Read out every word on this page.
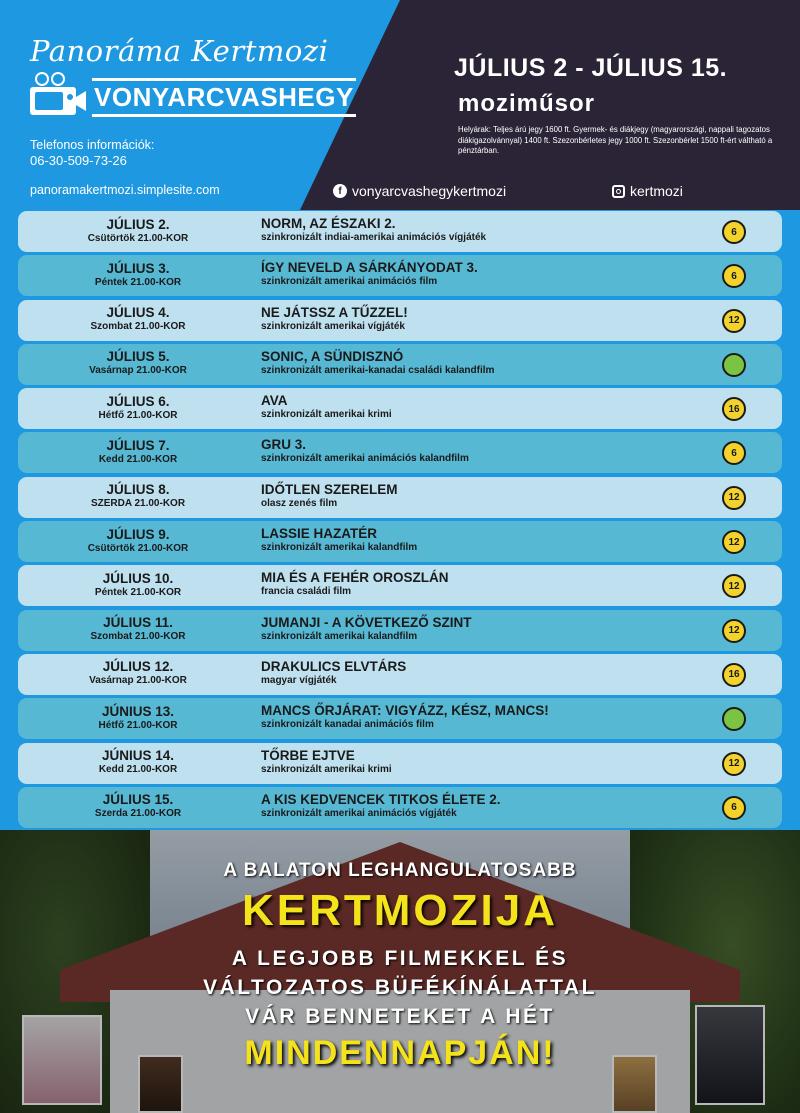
Panoráma Kertmozi
VONYARCVASHEGY
Telefonos információk:
06-30-509-73-26
panoramakertmozi.simplesite.com
JÚLIUS 2 - JÚLIUS 15.
moziműsor
Helyárak: Teljes árú jegy 1600 ft. Gyermek- és diákjegy (magyarországi, nappali tagozatos diákigazolvánnyal) 1400 ft. Szezonbérletes jegy 1000 ft. Szezonbérlet 1500 ft-ért váltható a pénztárban.
f vonyarcvashegykertmozi	kertmozi
JÚLIUS 2.
Csütörtök 21.00-KOR
NORM, AZ ÉSZAKI 2.
szinkronizált indiai-amerikai animációs vígjáték	6
JÚLIUS 3.
Péntek 21.00-KOR
ÍGY NEVELD A SÁRKÁNYODAT 3.
szinkronizált amerikai animációs film	6
JÚLIUS 4.
Szombat 21.00-KOR
NE JÁTSSZ A TŰZZEL!
szinkronizált amerikai vígjáték	12
JÚLIUS 5.
Vasárnap 21.00-KOR
SONIC, A SÜNDISZNÓ
szinkronizált amerikai-kanadai családi kalandfilm
JÚLIUS 6.
Hétfő 21.00-KOR
AVA
szinkronizált amerikai krimi	16
JÚLIUS 7.
Kedd 21.00-KOR
GRU 3.
szinkronizált amerikai animációs kalandfilm	6
JÚLIUS 8.
SZERDA 21.00-KOR
IDŐTLEN SZERELEM
olasz zenés film	12
JÚLIUS 9.
Csütörtök 21.00-KOR
LASSIE HAZATÉR
szinkronizált amerikai kalandfilm	12
JÚLIUS 10.
Péntek 21.00-KOR
MIA ÉS A FEHÉR OROSZLÁN
francia családi film	12
JÚLIUS 11.
Szombat 21.00-KOR
JUMANJI - A KÖVETKEZŐ SZINT
szinkronizált amerikai kalandfilm	12
JÚLIUS 12.
Vasárnap 21.00-KOR
DRAKULICS ELVTÁRS
magyar vígjáték	16
JÚNIUS 13.
Hétfő 21.00-KOR
MANCS ŐRJÁRAT: VIGYÁZZ, KÉSZ, MANCS!
szinkronizált kanadai animációs film
JÚNIUS 14.
Kedd 21.00-KOR
TŐRBE EJTVE
szinkronizált amerikai krimi	12
JÚLIUS 15.
Szerda 21.00-KOR
A KIS KEDVENCEK TITKOS ÉLETE 2.
szinkronizált amerikai animációs vígjáték	6
A BALATON LEGHANGULATOSABB
KERTMOZIJA
A LEGJOBB FILMEKKEL ÉS
VÁLTOZATOS BÜFÉKÍNÁLATTAL
VÁR BENNETEKET A HÉT
MINDENNAPJÁN!
